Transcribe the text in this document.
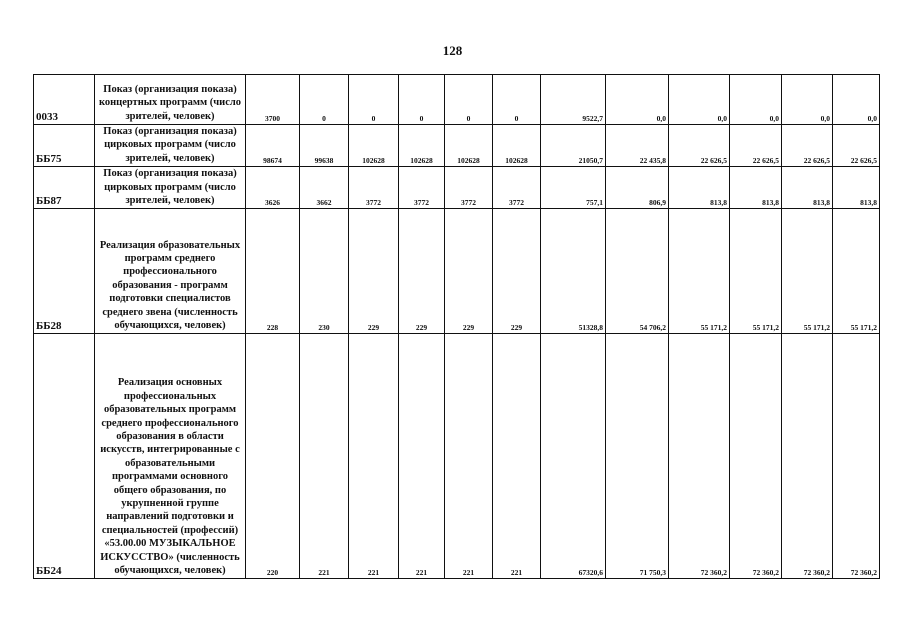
128
0033	Показ (организация показа) концертных программ (число зрителей, человек)	3700	0	0	0	0	0	9522,7	0,0	0,0	0,0	0,0	0,0
ББ75	Показ (организация показа) цирковых программ (число зрителей, человек)	98674	99638	102628	102628	102628	102628	21050,7	22 435,8	22 626,5	22 626,5	22 626,5	22 626,5
ББ87	Показ (организация показа) цирковых программ (число зрителей, человек)	3626	3662	3772	3772	3772	3772	757,1	806,9	813,8	813,8	813,8	813,8
ББ28	Реализация образовательных программ среднего профессионального образования - программ подготовки специалистов среднего звена (численность обучающихся, человек)	228	230	229	229	229	229	51328,8	54 706,2	55 171,2	55 171,2	55 171,2	55 171,2
ББ24	Реализация основных профессиональных образовательных программ среднего профессионального образования в области искусств, интегрированные с образовательными программами основного общего образования, по укрупненной группе направлений подготовки и специальностей (профессий) «53.00.00 МУЗЫКАЛЬНОЕ ИСКУССТВО» (численность обучающихся, человек)	220	221	221	221	221	221	67320,6	71 750,3	72 360,2	72 360,2	72 360,2	72 360,2
